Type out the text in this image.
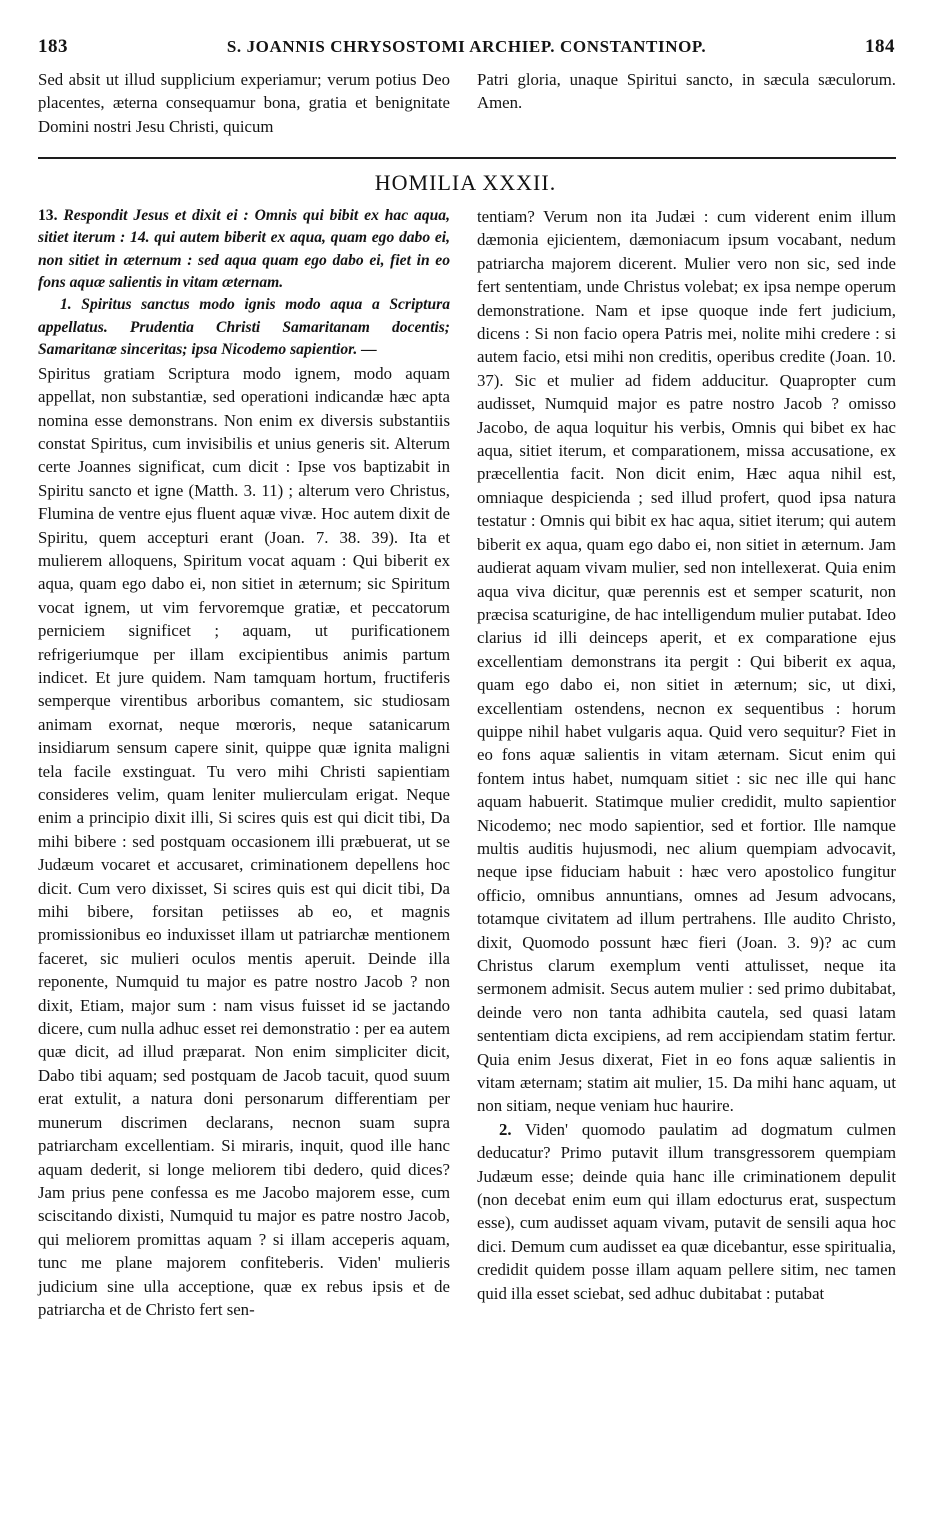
183	S. JOANNIS CHRYSOSTOMI ARCHIEP. CONSTANTINOP.	184

Sed absit ut illud supplicium experiamur; verum potius Deo placentes, æterna consequamur bona, gratia et benignitate Domini nostri Jesu Christi, quicum

Patri gloria, unaque Spiritui sancto, in sæcula sæculorum. Amen.

HOMILIA XXXII.

13. Respondit Jesus et dixit ei : Omnis qui bibit ex hac aqua, sitiet iterum : 14. qui autem biberit ex aqua, quam ego dabo ei, non sitiet in æternum : sed aqua quam ego dabo ei, fiet in eo fons aquæ salientis in vitam æternam.

1. Spiritus sanctus modo ignis modo aqua a Scriptura appellatus. Prudentia Christi Samaritanam docentis; Samaritanæ sinceritas; ipsa Nicodemo sapientior. —

Spiritus gratiam Scriptura modo ignem, modo aquam appellat, non substantiæ, sed operationi indicandæ hæc apta nomina esse demonstrans. Non enim ex diversis substantiis constat Spiritus, cum invisibilis et unius generis sit. Alterum certe Joannes significat, cum dicit : Ipse vos baptizabit in Spiritu sancto et igne (Matth. 3. 11) ; alterum vero Christus, Flumina de ventre ejus fluent aquæ vivæ. Hoc autem dixit de Spiritu, quem accepturi erant (Joan. 7. 38. 39). Ita et mulierem alloquens, Spiritum vocat aquam : Qui biberit ex aqua, quam ego dabo ei, non sitiet in æternum; sic Spiritum vocat ignem, ut vim fervoremque gratiæ, et peccatorum perniciem significet ; aquam, ut purificationem refrigeriumque per illam excipientibus animis partum indicet. Et jure quidem. Nam tamquam hortum, fructiferis semperque virentibus arboribus comantem, sic studiosam animam exornat, neque mœroris, neque satanicarum insidiarum sensum capere sinit, quippe quæ ignita maligni tela facile exstinguat. Tu vero mihi Christi sapientiam consideres velim, quam leniter mulierculam erigat. Neque enim a principio dixit illi, Si scires quis est qui dicit tibi, Da mihi bibere : sed postquam occasionem illi præbuerat, ut se Judæum vocaret et accusaret, criminationem depellens hoc dicit. Cum vero dixisset, Si scires quis est qui dicit tibi, Da mihi bibere, forsitan petiisses ab eo, et magnis promissionibus eo induxisset illam ut patriarchæ mentionem faceret, sic mulieri oculos mentis aperuit. Deinde illa reponente, Numquid tu major es patre nostro Jacob ? non dixit, Etiam, major sum : nam visus fuisset id se jactando dicere, cum nulla adhuc esset rei demonstratio : per ea autem quæ dicit, ad illud præparat. Non enim simpliciter dicit, Dabo tibi aquam; sed postquam de Jacob tacuit, quod suum erat extulit, a natura doni personarum differentiam per munerum discrimen declarans, necnon suam supra patriarcham excellentiam. Si miraris, inquit, quod ille hanc aquam dederit, si longe meliorem tibi dedero, quid dices? Jam prius pene confessa es me Jacobo majorem esse, cum sciscitando dixisti, Numquid tu major es patre nostro Jacob, qui meliorem promittas aquam ? si illam acceperis aquam, tunc me plane majorem confiteberis. Viden' mulieris judicium sine ulla acceptione, quæ ex rebus ipsis et de patriarcha et de Christo fert sen-

tentiam? Verum non ita Judæi : cum viderent enim illum dæmonia ejicientem, dæmoniacum ipsum vocabant, nedum patriarcha majorem dicerent. Mulier vero non sic, sed inde fert sententiam, unde Christus volebat; ex ipsa nempe operum demonstratione. Nam et ipse quoque inde fert judicium, dicens : Si non facio opera Patris mei, nolite mihi credere : si autem facio, etsi mihi non creditis, operibus credite (Joan. 10. 37). Sic et mulier ad fidem adducitur. Quapropter cum audisset, Numquid major es patre nostro Jacob ? omisso Jacobo, de aqua loquitur his verbis, Omnis qui bibet ex hac aqua, sitiet iterum, et comparationem, missa accusatione, ex præcellentia facit. Non dicit enim, Hæc aqua nihil est, omniaque despicienda ; sed illud profert, quod ipsa natura testatur : Omnis qui bibit ex hac aqua, sitiet iterum; qui autem biberit ex aqua, quam ego dabo ei, non sitiet in æternum. Jam audierat aquam vivam mulier, sed non intellexerat. Quia enim aqua viva dicitur, quæ perennis est et semper scaturit, non præcisa scaturigine, de hac intelligendum mulier putabat. Ideo clarius id illi deinceps aperit, et ex comparatione ejus excellentiam demonstrans ita pergit : Qui biberit ex aqua, quam ego dabo ei, non sitiet in æternum; sic, ut dixi, excellentiam ostendens, necnon ex sequentibus : horum quippe nihil habet vulgaris aqua. Quid vero sequitur? Fiet in eo fons aquæ salientis in vitam æternam. Sicut enim qui fontem intus habet, numquam sitiet : sic nec ille qui hanc aquam habuerit. Statimque mulier credidit, multo sapientior Nicodemo; nec modo sapientior, sed et fortior. Ille namque multis auditis hujusmodi, nec alium quempiam advocavit, neque ipse fiduciam habuit : hæc vero apostolico fungitur officio, omnibus annuntians, omnes ad Jesum advocans, totamque civitatem ad illum pertrahens. Ille audito Christo, dixit, Quomodo possunt hæc fieri (Joan. 3. 9)? ac cum Christus clarum exemplum venti attulisset, neque ita sermonem admisit. Secus autem mulier : sed primo dubitabat, deinde vero non tanta adhibita cautela, sed quasi latam sententiam dicta excipiens, ad rem accipiendam statim fertur. Quia enim Jesus dixerat, Fiet in eo fons aquæ salientis in vitam æternam; statim ait mulier, 15. Da mihi hanc aquam, ut non sitiam, neque veniam huc haurire.

2. Viden' quomodo paulatim ad dogmatum culmen deducatur? Primo putavit illum transgressorem quempiam Judæum esse; deinde quia hanc ille criminationem depulit (non decebat enim eum qui illam edocturus erat, suspectum esse), cum audisset aquam vivam, putavit de sensili aqua hoc dici. Demum cum audisset ea quæ dicebantur, esse spiritualia, credidit quidem posse illam aquam pellere sitim, nec tamen quid illa esset sciebat, sed adhuc dubitabat : putabat
